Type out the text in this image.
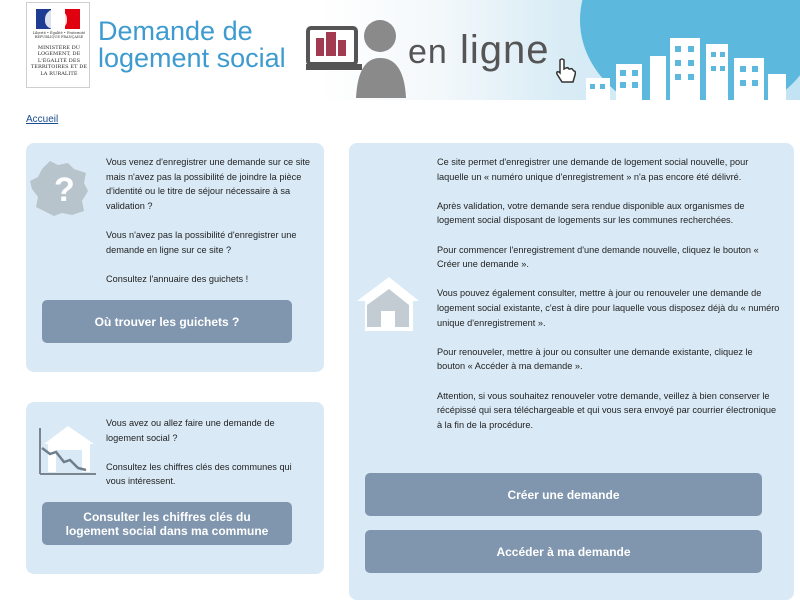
Liberté • Égalité • Fraternité RÉPUBLIQUE FRANÇAISE
MINISTÈRE DU LOGEMENT, DE L'ÉGALITÉ DES TERRITOIRES ET DE LA RURALITÉ
Demande de
logement social	en ligne
Accueil
?

Vous venez d'enregistrer une demande sur ce site mais n'avez pas la possibilité de joindre la pièce d'identité ou le titre de séjour nécessaire à sa validation ?

Vous n'avez pas la possibilité d'enregistrer une demande en ligne sur ce site ?

Consultez l'annuaire des guichets !

Où trouver les guichets ?

Vous avez ou allez faire une demande de logement social ?

Consultez les chiffres clés des communes qui vous intéressent.

Consulter les chiffres clés du
logement social dans ma commune

Ce site permet d'enregistrer une demande de logement social nouvelle, pour laquelle un « numéro unique d'enregistrement » n'a pas encore été délivré.

Après validation, votre demande sera rendue disponible aux organismes de logement social disposant de logements sur les communes recherchées.

Pour commencer l'enregistrement d'une demande nouvelle, cliquez le bouton « Créer une demande ».

Vous pouvez également consulter, mettre à jour ou renouveler une demande de logement social existante, c'est à dire pour laquelle vous disposez déjà du « numéro unique d'enregistrement ».

Pour renouveler, mettre à jour ou consulter une demande existante, cliquez le bouton « Accéder à ma demande ».

Attention, si vous souhaitez renouveler votre demande, veillez à bien conserver le récépissé qui sera téléchargeable et qui vous sera envoyé par courrier électronique à la fin de la procédure.

Créer une demande
Accéder à ma demande
